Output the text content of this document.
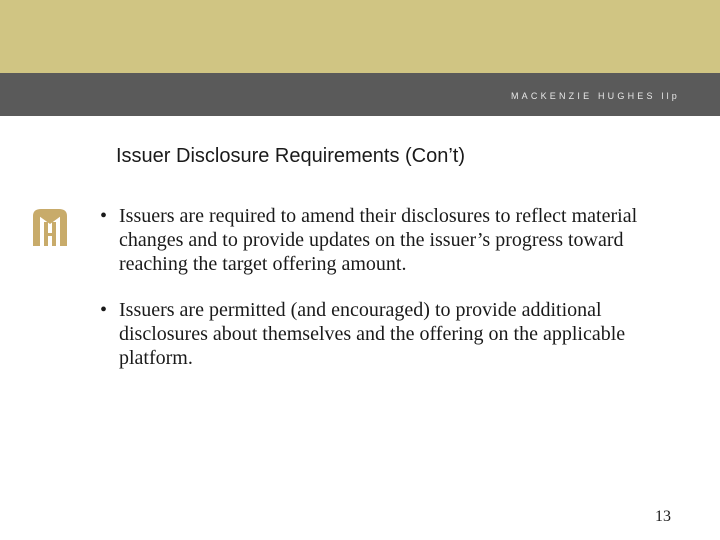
MACKENZIE HUGHES llp
Issuer Disclosure Requirements (Con’t)
• Issuers are required to amend their disclosures to reflect material changes and to provide updates on the issuer’s progress toward reaching the target offering amount.
• Issuers are permitted (and encouraged) to provide additional disclosures about themselves and the offering on the applicable platform.
13
